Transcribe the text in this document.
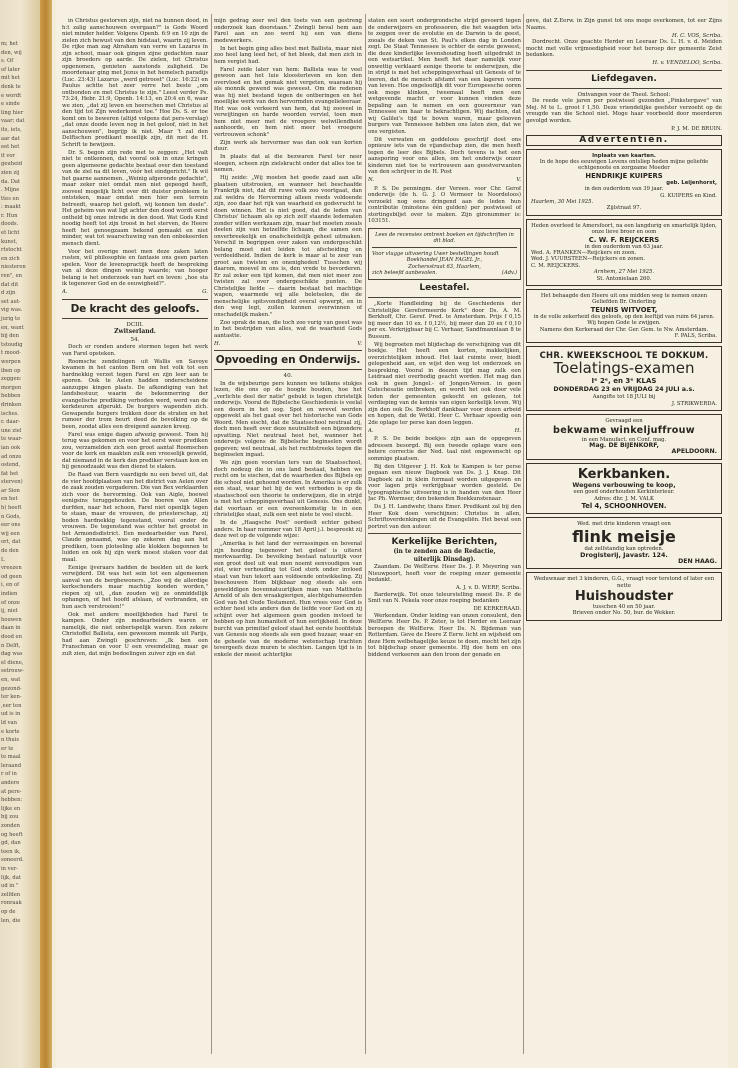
m; het
den, wij
s. Of
of later
mit het
denk te
e wordt
e sinde
ling hier
vaar; dat
its, iets,
aar dat
eet het
it vor
geuheid
zien zij
da. Dat
. Mijne
ttes en
: maakt
r. Hun
doods.
et licht
kunst,
rtstocht
en zich
niesteren
ren", en
dat dit
d zijn
set aut-
vig was.
jurig te
en, want
bij den
tstoudig
t mood-
werpen
iben op
zeggen:
morgen
hebben
drinken
isches.
r. daar-
une ziel
te waar-
ian ook
ad onze
ostend,
fat het
sterven)
ar Sion
en het
h) heeft
n Gods,
eer ons
wij een
ort, dat
de den
L
vreezen
od geen
i, en of
indien
of onze
ij, niet
houwen
daan in
dood en
n Delft,
dag was
el diene,
setrouw-
en, wat
gezond-
ter ken-
,eer ten
ud is in
ld van
e korte
n thuis
er te
te maal
leraand
r of in
andere
at pere-
hebben:
lijke en
bij zou
zonden
og heeft
gd, dan
teen ik,
soneerd.
in ver-
lijk, dat
ud in "
zelfden
ronraak
op de
len, die

in Christus gestorven zijn, niet na hunnen dood, in h:t zalig aanschouwen overgaan?" is Gods Woord niet minder helder. Volgens Openb. 6:9 en 10 zijn de zielen zich bewust van den bidstaat, waarin zij leven. De rijke man zag Abraham van verre en Lazarus in zijn schoot, maar ook gingen zijne gedachten naar zijn broeders op aarde. De zielen, tot Christus opgenomen, genieten aanstonds zaligheid. De moordenaar ging met Jezus in het hemelsch paradijs (Luc. 23:43) Lazarus „werd getroost" (Luc. 16:22) en Paulus achtte het zeer verre het beste „om ontbonden en met Christus te zijn." Leest verder Ps. 73:24, Hebr. 21:9, Openb. 14:13, en 20:4 en 6, waar we zien, „dat zij leven en heerschen met Christus al den tijd tot Zijn wederkomst toe." Hoe Ds. S. er toe komt om te beweren (altijd volgens dat pers-verslag) „dat onze doode leven nog in het geloof, niet in het aanschouwen", begrijp ik niet. Maar 't zal den Delftschen predikant moeilijk zijn, dit met de H. Schrift te bewijzen.

Dr. S. begon zijn rede met te zeggen: „Het valt niet te ontkennen, dat vooral ook in onze kringen geen algemeene gedachte bestaat over den toestand van de ziel na dit leven, vóór het eindgericht." Ik wil het gaarne aannemen. „Weinig afgeronde gedachte", maar zeker niet omdat men niet gepeogd heeft, zooveel mogelijk licht over dit duister probleem te ontsteken, maar omdat men hier een terrein betreedt, waarop het geloft, wij kennen ten deele". Het geheim van wat ligt achter den dood wordt eerst ontheld bij onze intrede in den dood. Wat Gods Kind noodig heeft tot zijn troost in het sterven, de Heere heeft het genoegzaam bekend gemaakt en niet minder, wat tot waarschuwing van den onbekeerden mensch dient.

Voor het overige moet men deze zaken laten rusten, wil philosophie en fantasie ons geen parten spelen. Voor de levenspractijk heeft de bespreking van al deze dingen weinig waarde; van hooger belang is het onderzoek van hart en leven: „hoe sta ik tegenover God en de eeuwigheid?".

A.	G.
De kracht des geloofs.
DCIII.
Zwitserland.
54.

Doch er ronden andere stormen tegen het werk van Farel opsteken.

Roomsche zendelingen uit Wallis en Savoye kwamen in het canton Bern om het volk tot een hardnekkig verzet tegen Farel en zijn leer aan te sporen. Ook te Aelen hadden onderscheidene aanzuppe kingen plaats. De afkondiging van het landsbestuur, waarin de bekenmerring der evangelische prediking verboden werd, werd van de kerkdeuren afgerukt. De burgers wapenden zich. Gewapende burgers trokken door de straten en het rumoer der trom beurt deed de bevolking op de been, zoodat alles een dreigend aanzien kreeg.

Farel was enige dagen afwezig geweest. Toen hij terug was gekomen en voor het eerst weer prediken zou, verzamelden zich een groot aantal Roomschen voor de kerk en maakten zulk een vreeselijk geweld, dat niemand in de kerk den prediker verstaan kon en hij genoodzaakt was den dienst te staken.

De Raad van Bern vaardigde nu een bevel uit, dat de vier hoofdplaatsen van het district van Aelen over de zaak zouden vergaderen. Die van Bex verklaarden zich voor de hervorming. Ook van Aigle, boewel eenigsins teruggehouden. De boeren van Allen durfden, naar het schoon, Farel niet openlijk tegen te staan, maar de vrouwen, de priesterschap, zij boden hardnekkig tegenstand, vooral onder de vrouwen. De tegenstand was echter het grootst in het Armondsdistrict. Een medearbeider van Farel, Claude genaamd, was op zekeren dag aan het prediken, toen plotseling alle klokken begonnen te luiden en ook hij zijn werk moest staken voor dat maal.

Eenige ijveraars hadden de beelden uit de kerk verwijderd. Dit was het sein tot een algemeenen aanval van de bergbewoners. „Zoo wij de allerdige kerkschenders maar machtig konden worden," riepen zij uit, „dan zouden wij ze onmiddellijk ophangen, of het hoofd afslaan, of verbranden, en hun asch verstrooien!"

Ook met andere moeilijkheden had Farel te kampen. Onder zijn medearbeiders waren er namelijk, die niet onberispelijk waren. Een zekere Christoffel Ballista, een geweezen monnik uit Parijs, had aan Zwingli geschreven: „Ik ben een Franschman en voor U een vreemdeling, maar ge zult zien, dat mijn bedoelingen zuiver zijn en dat

mijn gedrag zeer wel den toets van een gestreng onderzoek kan doorstaan." Zwingli beval hem aan Farel aan en zoo werd hij een van diens medewerkers.

In het begin ging alles best met Ballista, maar niet zoo heel lang leed het, of het bleek, dat men zich in hem vergist had.

Farel zeide later van hem: Ballista was te veel gewoon aan het luie kloosterleven en kon den overvloed en het gemak niet vergeten, waaraan hij als monnik gewend was geweest. Om die redenen was hij niet bestand tegen de ontberingen en het moeilijke werk van den hervormden evangelieleeraar. Het was ook verkeerd van hem, dat hij zooveel in verwijtingen en harde woorden verviel, toen men hem niet meer met de vroegere welwillendheid aanhoorde, en hem niet meer het vroegere vertrouwen schonk"

Zijn werk als hervormer was dan ook van korten duur.

In plaats dat al die bezwaren Farel ter neer sloegen, scheen zijn zielskracht onder dat alles toe te nemen.

Hij zeide: „Wij moeten het goede zaad aan alle plaatsen uitstrooien, en wanneer het beschaafde Frankrijk niet, dat dit ruwe volk zoo voortgaat, dan zal weldra de Hervorming alleen reeds voldoende zijn, zoo daar het rijk van waarheid en godsvrucht te doen winnen. Het is niet goed, dat de leden van Christus' lichaam als op zich zelf staande ledematen zonder willen werkzaam zijn, maar het moeten zooals deelen zijn van hetzelfde lichaam, die samen een onverbreekelijk en onafscheidelijk geheel uitmaken. Verschil in begrippen over zaken van ondergeschikt belang moet niet leiden tot afscheiding en verdeeldheid. Indien de kerk is maar al te zeer van proot aan twisten en onenigheden! Tusschen wij daarom, moevel in ons is, den vrede te bevorderen. Er zal zeker een tijd komen, dat men niet meer zoo twisten zal over ondergeschikte punten. De Christelijke liefde — daarin bestaat het machtige wapen, waarmede wij alle beletselen, die de menschelijke spitsvondigheid overal opwerpt, en in den weg legt, zullen kunnen overwinnen of onschadelijk maken."

Zoo sprak de man, die toch zoo vurig van geest was in het bestrijden van alles, wat de waarheid Gods aantastte.

H.	V.
Opvoeding en Onderwijs.
40.

In de wijsbeurige pers kunnen we telkens stukjes lezen, die ons op de hoogte houden, hoe het „verlichte deel der natie" gebukt is tegen christelijk onderwijs. Vooral de Bijbelsche Geschiedenis is veelal een doorn in het oog. Spot en wrevel worden opgewekt als het gaat over het historische van Gods Woord. Men eischt, dat de Staatsschool neutraal zij, doch men heeft over deze neutraliteit een bijzondere opvatting. Niet neutraal heet het, wanneer het onderwijs volgens de Bijbelsche beginselen wordt gegeven; wel neutraal, als het rechtstreeks tegen die beginselen ingaat.

We zijn geen voorstan ters van de Staatsschool, doch nodeug die in ons land bestaat, hebben we recht om te eischen, dat de waarheden des Bijbels op die school niet gehoond worden. In Amerika is er zulk een staat, waar het bij de wet verboden is op de staatsschool een theorie te onderwijzen, die in strijd is met het scheppingsverhaal uit Genesis. Ons dunkt, dat voortaan er een overeenkomstig te in een christelijke staat, zulk een wet niete te veel eischt.

In de „Haagsche Post" oordeelt echter geheel anders. In haar nummer van 18 April j.l. bespreekt zij deze wet op de volgende wijze:

„Amerika is het land der verrassingen en bovenal zijn houding tegenover het geloof is uiterst merkwaardig. De bevolking bestaat natuurlijk voor een groot deel uit wat men noemt eenvoudigen van ziel, wier verhouding tot God sterk onder invloed staat van hun tekort aan voldoende ontwikkeling. Zij beschouwen Hem blijkbaar nog steeds als een gewelddigen bovennatuurlijken man van Mattheüs Arnold of als den wraakgierigen, alechtgehumeerden God van het Oude Testament. Hun vrees voor God is echter heel iets anders dan de liefde voor God en zij schijnt over het algemeen geen gooden invloed te hebben op hun humaniteit of hun eerlijkheid. In deze burcht van primitief geloof staat het eerste hoofdstuk van Genesis nog steeds als een goed huzaar, waar en de geheele van de moderne wetenschap trachten tevergeefs deze muren te slechten. Langen tijd is in enkele der meest achterlijke

staten een soort ondergrondsche strijd gevoerd tegen de onderwijzers en professoren, die het waagden iets te zeggen over de evolutie en de Darwin is de geest, zooals de deken van St. Paul's elken dag in Londen zegt. De Staat Tennessee is echter de eerste geweest, die deze kinderlijke levenshouding heeft uitgedrukt in een wetsartikel. Men heeft het daar namelijk voor onwettig verklaard eenige theorie te onderwijzen, die in strijd is met het scheppingsverhaal uit Genesis of te leeren, dat de mensch afstamt van een lageren vorm van leven. Hoe ongelooflijk dit voor Europeesche ooren ook moge klinken, tweemaal heeft men een wetgevende macht er voor kunnen vinden deze bepaling aan te nemen en een gouverneur van Tennessee om haar te bekrachtigen. Wij dachten, dat wij Galilei's tijd te boven waren, maar gelooven burgers van Tennessee hebben ons laten zien, dat we ons vergisten.

Dit verwaten en goddeloos geschrijf doet ons opnieuw iets van de vijandschap zien, die men heeft tegen de leer des Bijbels. Doch tevens is het een aansporing voor ons allen, om het onderwijs onzer kinderen niet toe te vertrouwen aan geestverwanten van den schrijver in de H. Post

N.	V.

P. S. De penningm. der Vereen. voor Chr. Gerof onderwijs (de h. G. J. O Vermeer te Noordeloos) verzoekt nog eens dringend aan de leden hun contributie (minstens één gulden) per postwissel of stortingsbiljet over te maken. Zijn gironummer is: 103151.

Lees de recensies omtrent boeken en tijdschriften in dit blad.
Voor vlugge uitvoering Uwer bestellingen houdt
Boekhandel JEAN FAGEL Jr.,
Zochersstraat 63, Haarlem,
zich beleefd aanbevolen.	(Adv.)
Leestafel.

„Korte Handleiding bij de Geschiedenis der Christelijke Gereformeerde Kerk" door Ds. A. M. Berkhoff, Chr. Geref. Pred. te Amsterdam. Prijs f 0,15 bij meer dan 10 ex. f 0,12½, bij meer dan 20 ex f 0,10 per ex. Verkrijgbaar bij C. Verhaar, Sandfmannlaan 8 te Bussum.

Wij begroeten met blijdschap de verschijning van dit boekje. Het heeft een korten, makkelijken, overzichtelijken inhoud. Het laat ruimte over, biedt gelegenheid aan, en wijst den weg tot onderzoek en bespreking. Vooral in deezen tijd mag zulk een Leidraad niet overbodig geacht worden. Het mag dan ook in geen Jongel.- of Jongen-Vereen. in geen Catechesatie ontbreken, en wordt het ook door vele leden der gemeenten gekocht en gelezen, tot verdieping van de kennis van eigen kerkelijk leven. Wij zijn den ook Ds. Berkhoff dankbaar voor dezen arbeid en hopen, dat de Wetkl. Heer C. Verhaar spoedig een 2de oplage ter perse kan doen leggen.

A.	H.

P. S. De beide boekjes zijn aan de opgegeven adressen besorgd. Bij een tweede oplage ware een betere correctie der Ned. taal niet ongewenscht op sommige plaatsen.

Bij den Uitgever J. H. Kok te Kampen is ter perse gegaan een nieuw Dagboek van Ds. J. J. Knap. Dit Dagboek zal in klein formaat worden uitgegeven en voor lagen prijs verkrijgbaar worden gesteld. De typographische uitvoering is in handen van den Heer Jac Ph. Wormser, den bekenden Boekkunstenaar.

Ds J. H. Landwehr, thans Emer. Predikant zal bij den Heer Kok doen verschijnen: Christus in allen, Schriftoverdenkingen uit de Evangeliën. Het bevat een portret van den auteur.

Kerkelijke Berichten,
(in te zenden aan de Redactie,
uiterlijk Dinsdag).

Zaandam. De WelEerw. Heer Ds. J. P. Meyering van Nieuwpoort, heeft voor de roeping onzer gemeente bedankt.

A. J. v. D. WERF, Scriba.

Barderwijk. Tot onze teleurstelling moest Ds. P. de Smit van N. Pekela voor onze roeping bedanken

DE KERKERAAD.

Werkendam. Onder leiding van onzen consulent, den WelEerw. Heer Ds. P. Zeter, is tot Herder en Leeraar beroepen de WelEerw. Heer Ds. N. Bijdeman van Rotterdam. Geve de Heere Z Eerw. licht en wijsheid om deze Hem welbehagelijke keuze te doen, mocht het zijn tot blijdschap onzer gemeente. Hij doe hem en ons biddend verkeeren aan den troon der genade en

geve, dat Z.Eerw. in Zijn gunst tot ons moge overkomen, tot eer Zijns Naams.

H. C. VOS, Scriba.

Dordrecht. Onze geachte Herder en Leeraar Ds. L. H. v. d. Meiden mocht met volle vrijmoedigheid voor het beroep der gemeente Zeist bedanken.

H. v. VENDELOO, Scriba.
Liefdegaven.
Ontvangen voor de Theol. School:

De reede vele jaren per postwissel gezonden „Pinkstergave" van Mej. M te L. groot f 1,50. Deze vriendelijke geefster verzoeht op de vreugde van die School niet. Moge haar voorbeeld door meerderen gevolgd worden.

P. J. M. DE BRUIN.
Advertentiën.
Inplaats van kaarten.
In de hope des eeuwigen Levens ontsliep heden mijne geliefde echtgenoote en zorgzame Moeder
HENDRIKJE KUIPERS
geb. Leijenhorst,
in den ouderdom van 39 jaar.
G. KUIPERS en Kind.
Haarlem, 30 Mei 1925.
Zijlstraat 97.
Heden overleed te Amersfoort, na een langdurig en smartelijk lijden, onze lieve broer en oom
C. W. F. REIJCKERS
in den ouderdom van 63 jaar.
Wed. A. FRANKEN—Reijckers en zoon.
Wed. J. VUURSTEEN—Reijckers en zonen.
C. M. REIJCKERS.
Arnhem, 27 Mei 1925.
St. Antonielaan 260.
Het behaagde den Heere uit ons midden weg te nemen onzen Geliefden Br. Onderling
TEUNIS WITVOET,
in de volle zekerheid des geloofs, op den leeftijd van ruim 64 jaren. Wij hopen Gode te zwijgen.
Namens den Kerkeraad der Chr. Ger. Gem. te Nw. Amsterdam.
F. PALS, Scriba.
CHR. KWEEKSCHOOL TE DOKKUM.
Toelatings-examen
Iᵉ 2ᵉ, en 3ᵉ KLAS
DONDERDAG 23 en VRIJDAG 24 JULI a.s.
Aangifte tot 18 JULI bij
J. STRIKWERDA.
Gevraagd een
bekwame winkeljuffrouw
in een Manufact. en Conf. mag.
Mag. DE BIJENKORF,
APELDOORN.
Kerkbanken.
Wegens verbouwing te koop,
een goed onderhouden Kerkinterieur.
Adres: dhr. J. M. VALK
Tel 4, SCHOONHOVEN.
Wed. met drie kinderen vraagt een
flink meisje
dat zelfstandig kan optreden.
Drogisterij, Javastr. 124.
DEN HAAG.
Weduwnaar met 3 kinderen, G.G., vraagt voor terstond of later een nette
Huishoudster
tusschen 40 en 50 jaar.
Brieven onder No. 50, bur. de Wekker.
